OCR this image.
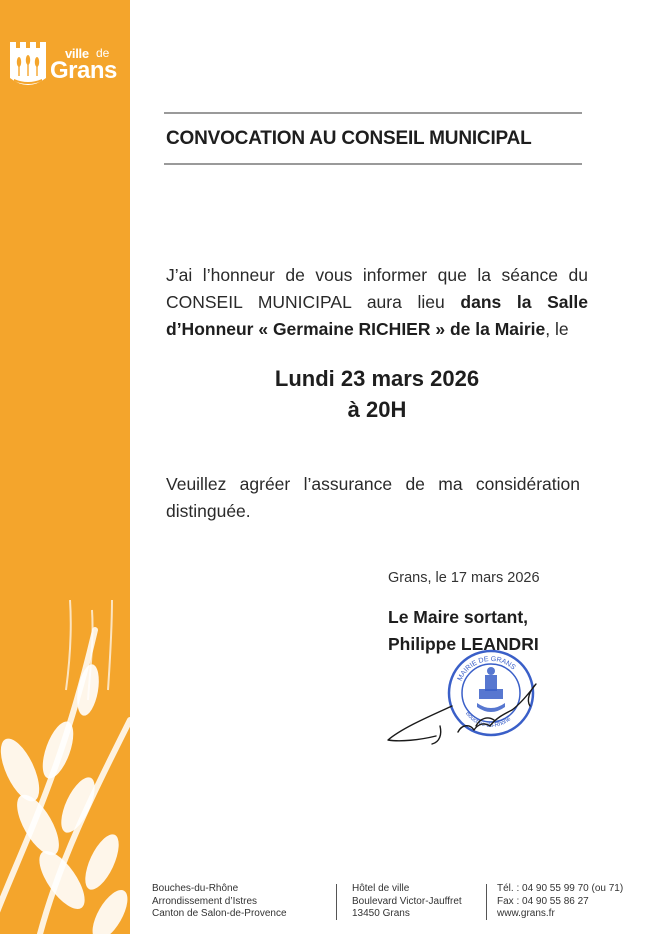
ville de
Grans
CONVOCATION AU CONSEIL MUNICIPAL
J’ai l’honneur de vous informer que la séance du CONSEIL MUNICIPAL aura lieu dans la Salle d’Honneur « Germaine RICHIER » de la Mairie, le
Lundi 23 mars 2026
à 20H
Veuillez agréer l’assurance de ma considération distinguée.
Grans, le 17 mars 2026
Le Maire sortant,
Philippe LEANDRI
MAIRIE DE GRANS
Bouches-du-Rhône
Bouches-du-Rhône
Arrondissement d’Istres
Canton de Salon-de-Provence
Hôtel de ville
Boulevard Victor-Jauffret
13450 Grans
Tél. : 04 90 55 99 70 (ou 71)
Fax : 04 90 55 86 27
www.grans.fr
